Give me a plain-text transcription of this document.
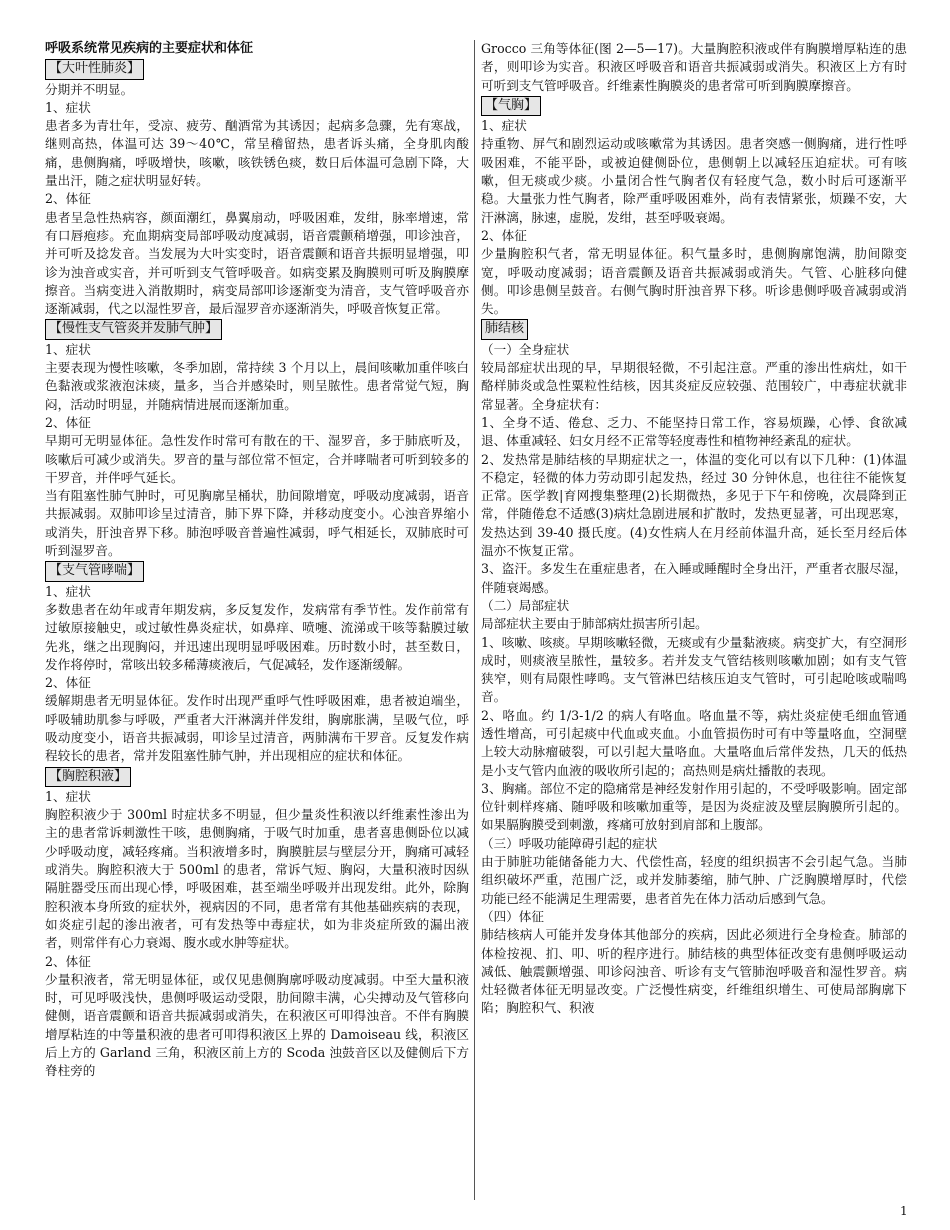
呼吸系统常见疾病的主要症状和体征
【大叶性肺炎】

分期并不明显。

1、症状

患者多为青壮年，受凉、疲劳、酗酒常为其诱因；起病多急骤，先有寒战，继则高热，体温可达 39～40℃，常呈稽留热，患者诉头痛，全身肌肉酸痛，患侧胸痛，呼吸增快，咳嗽，咳铁锈色痰，数日后体温可急剧下降，大量出汗，随之症状明显好转。

2、体征

患者呈急性热病容，颜面潮红，鼻翼扇动，呼吸困难，发绀，脉率增速，常有口唇疱疹。充血期病变局部呼吸动度减弱，语音震颤稍增强，叩诊浊音，并可听及捻发音。当发展为大叶实变时，语音震颤和语音共振明显增强，叩诊为浊音或实音，并可听到支气管呼吸音。如病变累及胸膜则可听及胸膜摩擦音。当病变进入消散期时，病变局部叩诊逐渐变为清音，支气管呼吸音亦逐渐减弱，代之以湿性罗音，最后湿罗音亦逐渐消失，呼吸音恢复正常。

【慢性支气管炎并发肺气肿】

1、症状

主要表现为慢性咳嗽，冬季加剧，常持续 3 个月以上，晨间咳嗽加重伴咳白色黏液或浆液泡沫痰，量多，当合并感染时，则呈脓性。患者常觉气短，胸闷，活动时明显，并随病情进展而逐渐加重。

2、体征

早期可无明显体征。急性发作时常可有散在的干、湿罗音，多于肺底听及，咳嗽后可减少或消失。罗音的量与部位常不恒定，合并哮喘者可听到较多的干罗音，并伴呼气延长。

当有阻塞性肺气肿时，可见胸廓呈桶状，肋间隙增宽，呼吸动度减弱，语音共振减弱。双肺叩诊呈过清音，肺下界下降，并移动度变小。心浊音界缩小或消失，肝浊音界下移。肺泡呼吸音普遍性减弱，呼气相延长，双肺底时可听到湿罗音。

【支气管哮喘】

1、症状

多数患者在幼年或青年期发病，多反复发作，发病常有季节性。发作前常有过敏原接触史，或过敏性鼻炎症状，如鼻痒、喷嚏、流涕或干咳等黏膜过敏先兆，继之出现胸闷，并迅速出现明显呼吸困难。历时数小时，甚至数日，发作将停时，常咳出较多稀薄痰液后，气促减轻，发作逐渐缓解。

2、体征

缓解期患者无明显体征。发作时出现严重呼气性呼吸困难，患者被迫端坐，呼吸辅助肌参与呼吸，严重者大汗淋漓并伴发绀，胸廓胀满，呈吸气位，呼吸动度变小，语音共振减弱，叩诊呈过清音，两肺满布干罗音。反复发作病程较长的患者，常并发阻塞性肺气肿，并出现相应的症状和体征。

【胸腔积液】

1、症状

胸腔积液少于 300ml 时症状多不明显，但少量炎性积液以纤维素性渗出为主的患者常诉刺激性干咳，患侧胸痛，于吸气时加重，患者喜患侧卧位以减少呼吸动度，减轻疼痛。当积液增多时，胸膜脏层与壁层分开，胸痛可减轻或消失。胸腔积液大于 500ml 的患者，常诉气短、胸闷，大量积液时因纵隔脏器受压而出现心悸，呼吸困难，甚至端坐呼吸并出现发绀。此外，除胸腔积液本身所致的症状外，视病因的不同，患者常有其他基础疾病的表现，如炎症引起的渗出液者，可有发热等中毒症状，如为非炎症所致的漏出液者，则常伴有心力衰竭、腹水或水肿等症状。

2、体征

少量积液者，常无明显体征，或仅见患侧胸廓呼吸动度减弱。中至大量积液时，可见呼吸浅快，患侧呼吸运动受限，肋间隙丰满，心尖搏动及气管移向健侧，语音震颤和语音共振减弱或消失，在积液区可叩得浊音。不伴有胸膜增厚粘连的中等量积液的患者可叩得积液区上界的 Damoiseau 线，积液区后上方的 Garland 三角，积液区前上方的 Scoda 浊鼓音区以及健侧后下方脊柱旁的

Grocco 三角等体征(图 2—5—17)。大量胸腔积液或伴有胸膜增厚粘连的患者，则叩诊为实音。积液区呼吸音和语音共振减弱或消失。积液区上方有时可听到支气管呼吸音。纤维素性胸膜炎的患者常可听到胸膜摩擦音。

【气胸】

1、症状

持重物、屏气和剧烈运动或咳嗽常为其诱因。患者突感一侧胸痛，进行性呼吸困难，不能平卧，或被迫健侧卧位，患侧朝上以减轻压迫症状。可有咳嗽，但无痰或少痰。小量闭合性气胸者仅有轻度气急，数小时后可逐渐平稳。大量张力性气胸者，除严重呼吸困难外，尚有表情紧张，烦躁不安，大汗淋漓，脉速，虚脱，发绀，甚至呼吸衰竭。

2、体征

少量胸腔积气者，常无明显体征。积气量多时，患侧胸廓饱满，肋间隙变宽，呼吸动度减弱；语音震颤及语音共振减弱或消失。气管、心脏移向健侧。叩诊患侧呈鼓音。右侧气胸时肝浊音界下移。听诊患侧呼吸音减弱或消失。

肺结核

（一）全身症状

较局部症状出现的早，早期很轻微，不引起注意。严重的渗出性病灶，如干酪样肺炎或急性粟粒性结核，因其炎症反应较强、范围较广，中毒症状就非常显著。全身症状有：

1、全身不适、倦怠、乏力、不能坚持日常工作，容易烦躁，心悸、食欲减退、体重减轻、妇女月经不正常等轻度毒性和植物神经紊乱的症状。

2、发热常是肺结核的早期症状之一，体温的变化可以有以下几种：(1)体温不稳定，轻微的体力劳动即引起发热，经过 30 分钟休息，也往往不能恢复正常。医学教|育网搜集整理(2)长期微热，多见于下午和傍晚，次晨降到正常，伴随倦怠不适感(3)病灶急剧进展和扩散时，发热更显著，可出现恶寒，发热达到 39-40 摄氏度。(4)女性病人在月经前体温升高，延长至月经后体温亦不恢复正常。

3、盗汗。多发生在重症患者，在入睡或睡醒时全身出汗，严重者衣服尽湿，伴随衰竭感。

（二）局部症状

局部症状主要由于肺部病灶损害所引起。

1、咳嗽、咳痰。早期咳嗽轻微，无痰或有少量黏液痰。病变扩大，有空洞形成时，则痰液呈脓性，量较多。若并发支气管结核则咳嗽加剧；如有支气管狭窄，则有局限性哮鸣。支气管淋巴结核压迫支气管时，可引起呛咳或喘鸣音。

2、咯血。约 1/3-1/2 的病人有咯血。咯血量不等，病灶炎症使毛细血管通透性增高，可引起痰中代血或夹血。小血管损伤时可有中等量咯血，空洞壁上较大动脉瘤破裂，可以引起大量咯血。大量咯血后常伴发热，几天的低热是小支气管内血液的吸收所引起的；高热则是病灶播散的表现。

3、胸痛。部位不定的隐痛常是神经发射作用引起的，不受呼吸影响。固定部位针刺样疼痛、随呼吸和咳嗽加重等，是因为炎症波及壁层胸膜所引起的。如果膈胸膜受到刺激，疼痛可放射到肩部和上腹部。

（三）呼吸功能障碍引起的症状

由于肺脏功能储备能力大、代偿性高，轻度的组织损害不会引起气急。当肺组织破坏严重，范围广泛，或并发肺萎缩，肺气肿、广泛胸膜增厚时，代偿功能已经不能满足生理需要，患者首先在体力活动后感到气急。

（四）体征

肺结核病人可能并发身体其他部分的疾病，因此必须进行全身检查。肺部的体检按视、扪、叩、听的程序进行。肺结核的典型体征改变有患侧呼吸运动减低、触震颤增强、叩诊闷浊音、听诊有支气管肺泡呼吸音和湿性罗音。病灶轻微者体征无明显改变。广泛慢性病变，纤维组织增生、可使局部胸廓下陷；胸腔积气、积液

1
